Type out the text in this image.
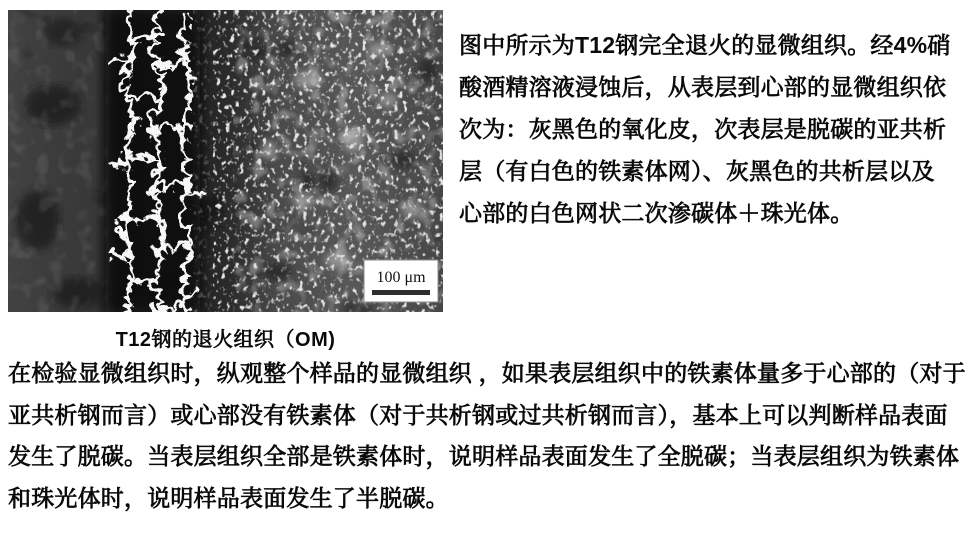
100 μm
T12钢的退火组织（OM)
图中所示为T12钢完全退火的显微组织。经4%硝
酸酒精溶液浸蚀后，从表层到心部的显微组织依
次为：灰黑色的氧化皮，次表层是脱碳的亚共析
层（有白色的铁素体网）、灰黑色的共析层以及
心部的白色网状二次渗碳体＋珠光体。
在检验显微组织时，纵观整个样品的显微组织 ，如果表层组织中的铁素体量多于心部的（对于
亚共析钢而言）或心部没有铁素体（对于共析钢或过共析钢而言），基本上可以判断样品表面
发生了脱碳。当表层组织全部是铁素体时，说明样品表面发生了全脱碳；当表层组织为铁素体
和珠光体时，说明样品表面发生了半脱碳。
